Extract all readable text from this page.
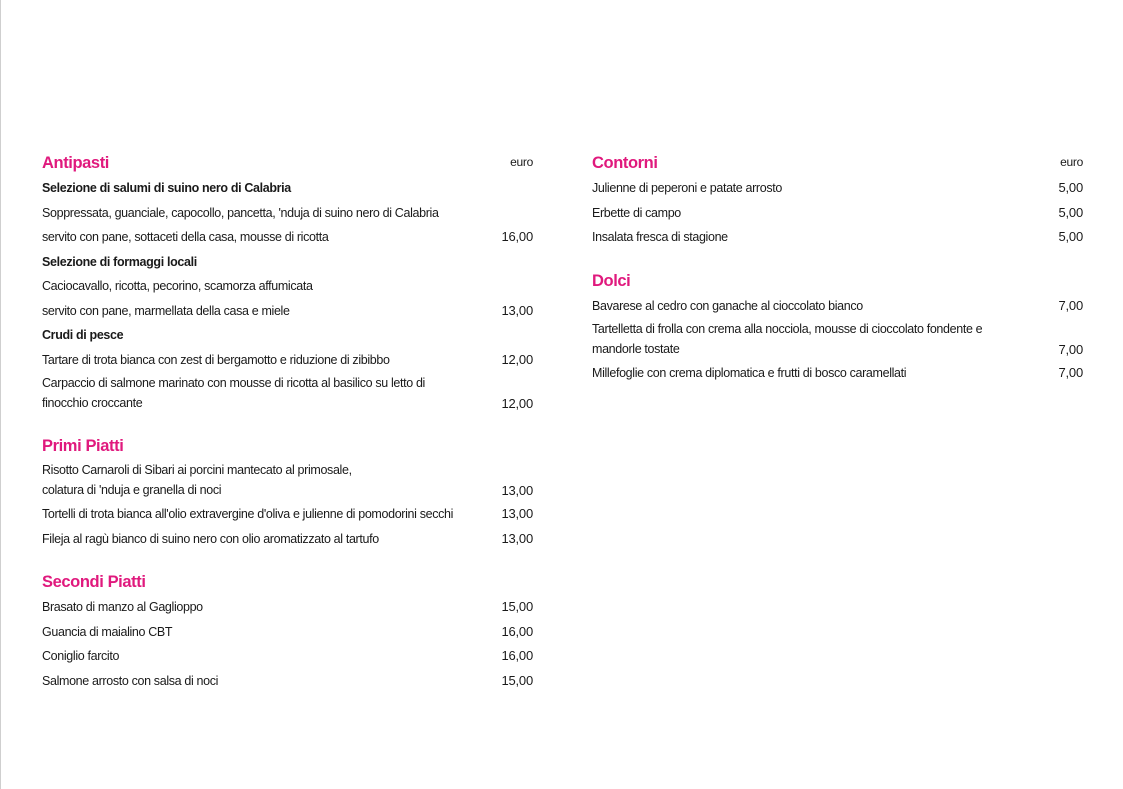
Antipasti	euro
Selezione di salumi di suino nero di Calabria
Soppressata, guanciale, capocollo, pancetta, 'nduja di suino nero di Calabria
servito con pane, sottaceti della casa, mousse di ricotta	16,00
Selezione di formaggi locali
Caciocavallo, ricotta, pecorino, scamorza affumicata
servito con pane, marmellata della casa e miele	13,00
Crudi di pesce
Tartare di trota bianca con zest di bergamotto e riduzione di zibibbo	12,00
Carpaccio di salmone marinato con mousse di ricotta al basilico su letto di
finocchio croccante	12,00
Primi Piatti
Risotto Carnaroli di Sibari ai porcini mantecato al primosale,
colatura di 'nduja e granella di noci	13,00
Tortelli di trota bianca all'olio extravergine d'oliva e julienne di pomodorini secchi	13,00
Fileja al ragù bianco di suino nero con olio aromatizzato al tartufo	13,00
Secondi Piatti
Brasato di manzo al Gaglioppo	15,00
Guancia di maialino CBT	16,00
Coniglio farcito	16,00
Salmone arrosto con salsa di noci	15,00
Contorni	euro
Julienne di peperoni e patate arrosto	5,00
Erbette di campo	5,00
Insalata fresca di stagione	5,00
Dolci
Bavarese al cedro con ganache al cioccolato bianco	7,00
Tartelletta di frolla con crema alla nocciola, mousse di cioccolato fondente e
mandorle tostate	7,00
Millefoglie con crema diplomatica e frutti di bosco caramellati	7,00
